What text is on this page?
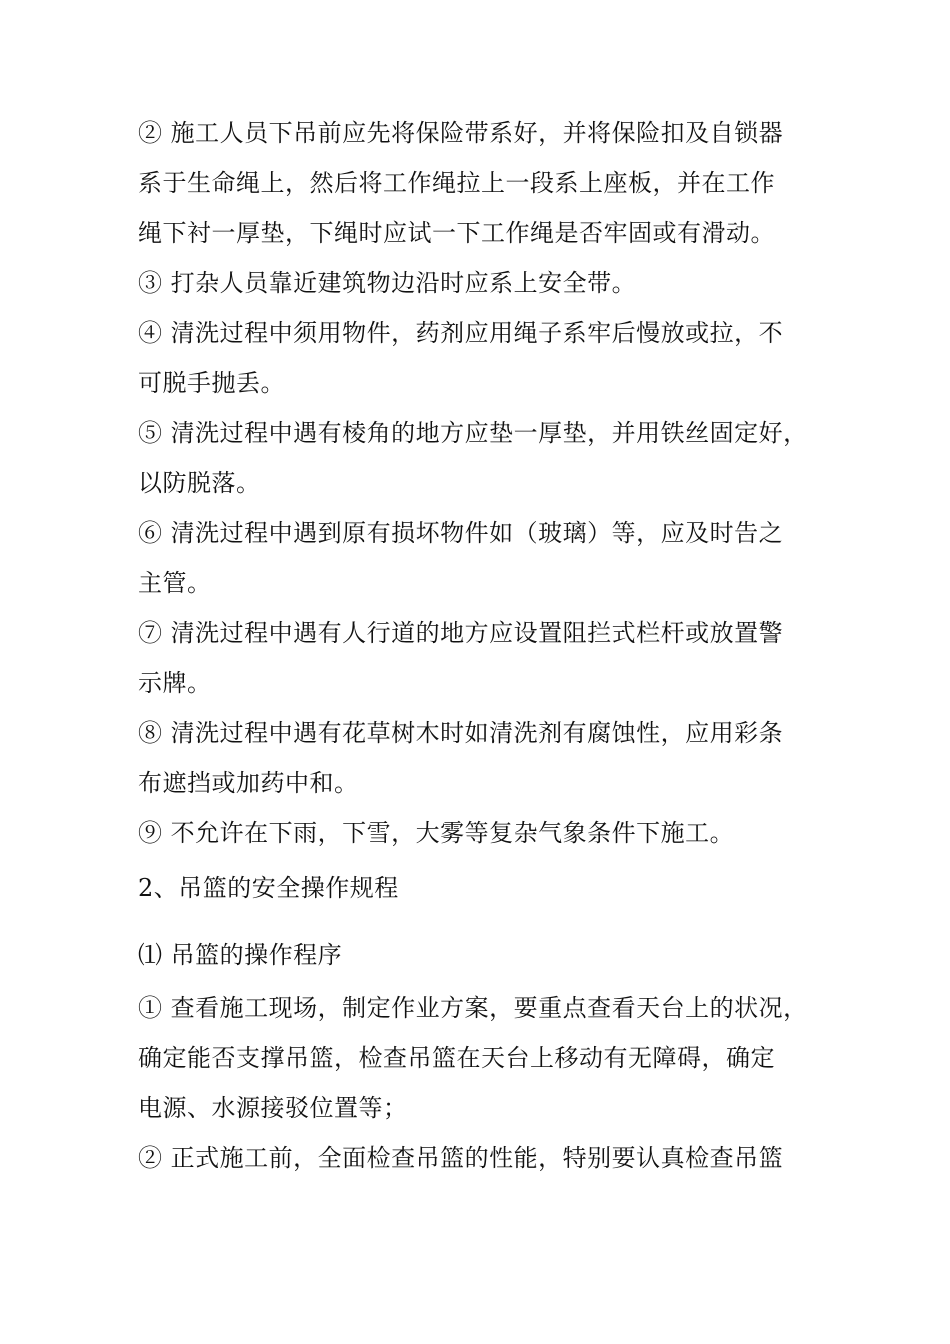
② 施工人员下吊前应先将保险带系好，并将保险扣及自锁器
系于生命绳上，然后将工作绳拉上一段系上座板，并在工作
绳下衬一厚垫，下绳时应试一下工作绳是否牢固或有滑动。
③ 打杂人员靠近建筑物边沿时应系上安全带。
④ 清洗过程中须用物件，药剂应用绳子系牢后慢放或拉，不
可脱手抛丢。
⑤ 清洗过程中遇有棱角的地方应垫一厚垫，并用铁丝固定好，
以防脱落。
⑥ 清洗过程中遇到原有损坏物件如（玻璃）等，应及时告之
主管。
⑦ 清洗过程中遇有人行道的地方应设置阻拦式栏杆或放置警
示牌。
⑧ 清洗过程中遇有花草树木时如清洗剂有腐蚀性，应用彩条
布遮挡或加药中和。
⑨ 不允许在下雨，下雪，大雾等复杂气象条件下施工。
2、吊篮的安全操作规程
⑴ 吊篮的操作程序
① 查看施工现场，制定作业方案，要重点查看天台上的状况，
确定能否支撑吊篮，检查吊篮在天台上移动有无障碍，确定
电源、水源接驳位置等；
② 正式施工前，全面检查吊篮的性能，特别要认真检查吊篮
